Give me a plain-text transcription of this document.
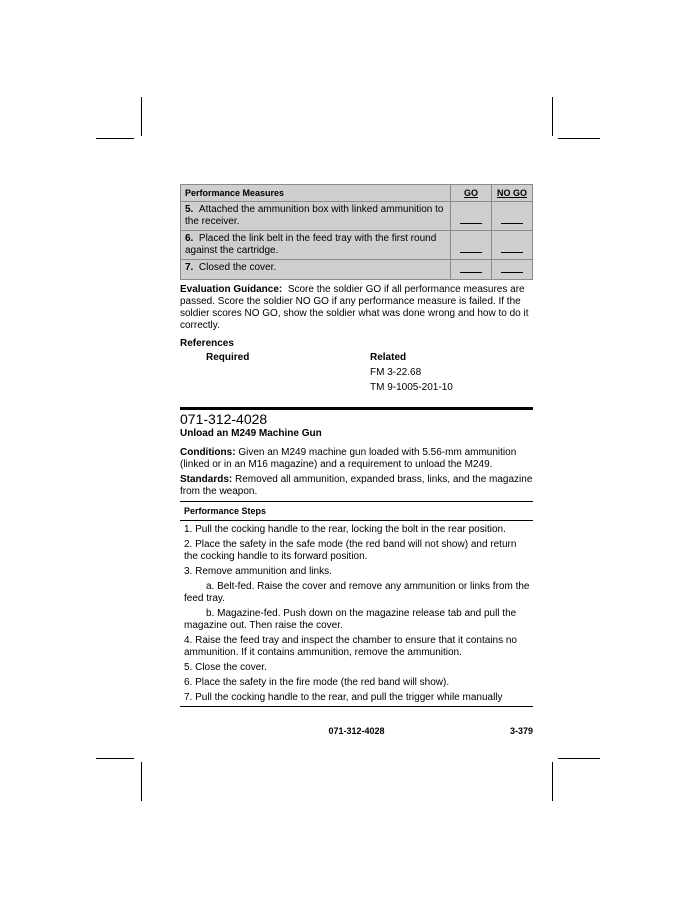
Performance Measures	GO	NO GO
5. Attached the ammunition box with linked ammunition to the receiver.		
6. Placed the link belt in the feed tray with the first round against the cartridge.		
7. Closed the cover.		

Evaluation Guidance: Score the soldier GO if all performance measures are passed. Score the soldier NO GO if any performance measure is failed. If the soldier scores NO GO, show the soldier what was done wrong and how to do it correctly.

References

Required	Related
FM 3-22.68
TM 9-1005-201-10
071-312-4028
Unload an M249 Machine Gun

Conditions: Given an M249 machine gun loaded with 5.56-mm ammunition (linked or in an M16 magazine) and a requirement to unload the M249.

Standards: Removed all ammunition, expanded brass, links, and the magazine from the weapon.

Performance Steps

1. Pull the cocking handle to the rear, locking the bolt in the rear position.

2. Place the safety in the safe mode (the red band will not show) and return the cocking handle to its forward position.

3. Remove ammunition and links.

a. Belt-fed. Raise the cover and remove any ammunition or links from the feed tray.

b. Magazine-fed. Push down on the magazine release tab and pull the magazine out. Then raise the cover.

4. Raise the feed tray and inspect the chamber to ensure that it contains no ammunition. If it contains ammunition, remove the ammunition.

5. Close the cover.

6. Place the safety in the fire mode (the red band will show).

7. Pull the cocking handle to the rear, and pull the trigger while manually

071-312-4028	3-379
